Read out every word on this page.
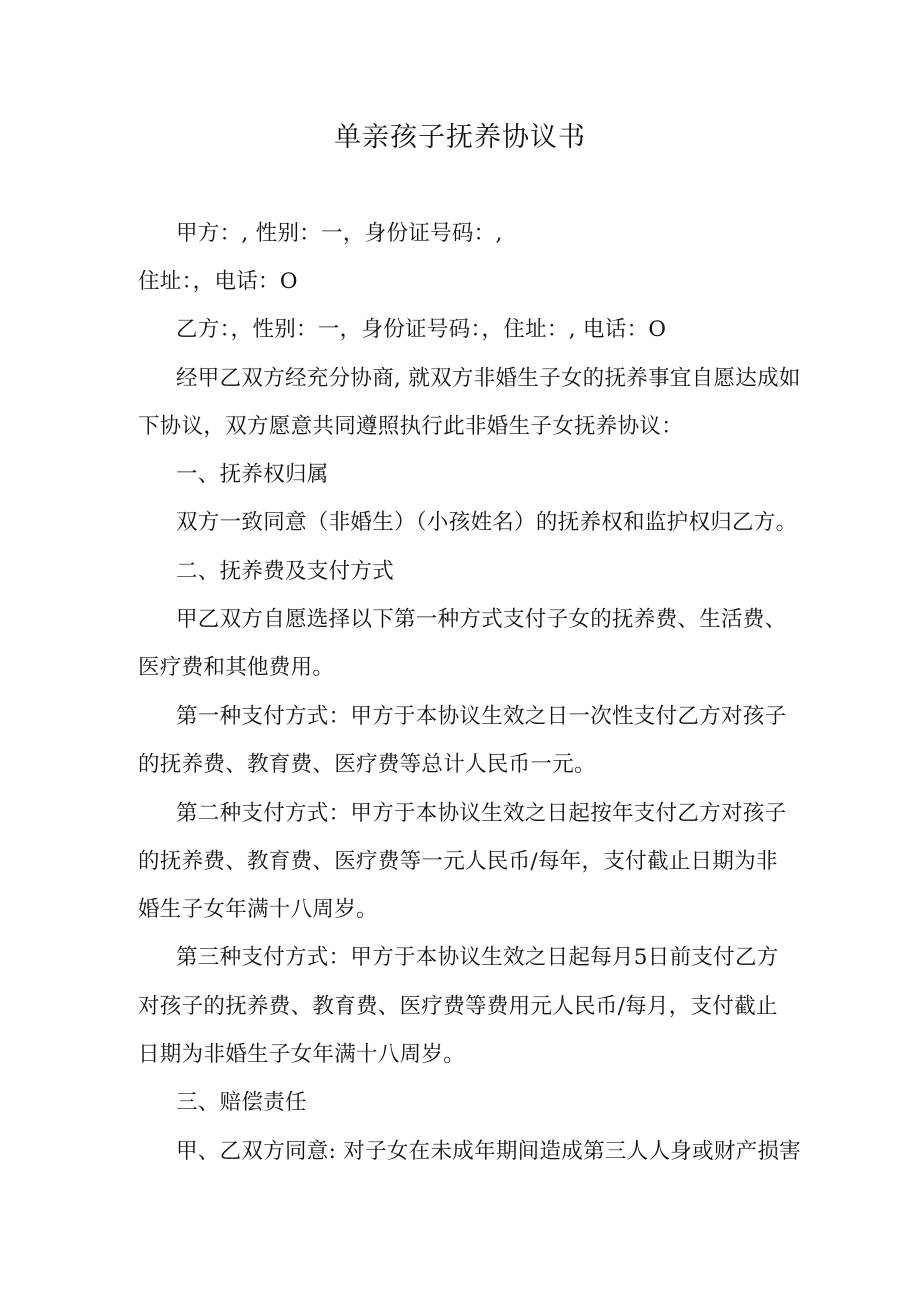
单亲孩子抚养协议书
甲方：, 性别：一，身份证号码：,
住址：，电话：O
乙方：，性别：一，身份证号码：，住址：, 电话：O
经甲乙双方经充分协商, 就双方非婚生子女的抚养事宜自愿达成如
下协议，双方愿意共同遵照执行此非婚生子女抚养协议：
一、抚养权归属
双方一致同意（非婚生）（小孩姓名）的抚养权和监护权归乙方。
二、抚养费及支付方式
甲乙双方自愿选择以下第一种方式支付子女的抚养费、生活费、
医疗费和其他费用。
第一种支付方式：甲方于本协议生效之日一次性支付乙方对孩子
的抚养费、教育费、医疗费等总计人民币一元。
第二种支付方式：甲方于本协议生效之日起按年支付乙方对孩子
的抚养费、教育费、医疗费等一元人民币/每年，支付截止日期为非
婚生子女年满十八周岁。
第三种支付方式：甲方于本协议生效之日起每月5日前支付乙方
对孩子的抚养费、教育费、医疗费等费用元人民币/每月，支付截止
日期为非婚生子女年满十八周岁。
三、赔偿责任
甲、乙双方同意: 对子女在未成年期间造成第三人人身或财产损害
